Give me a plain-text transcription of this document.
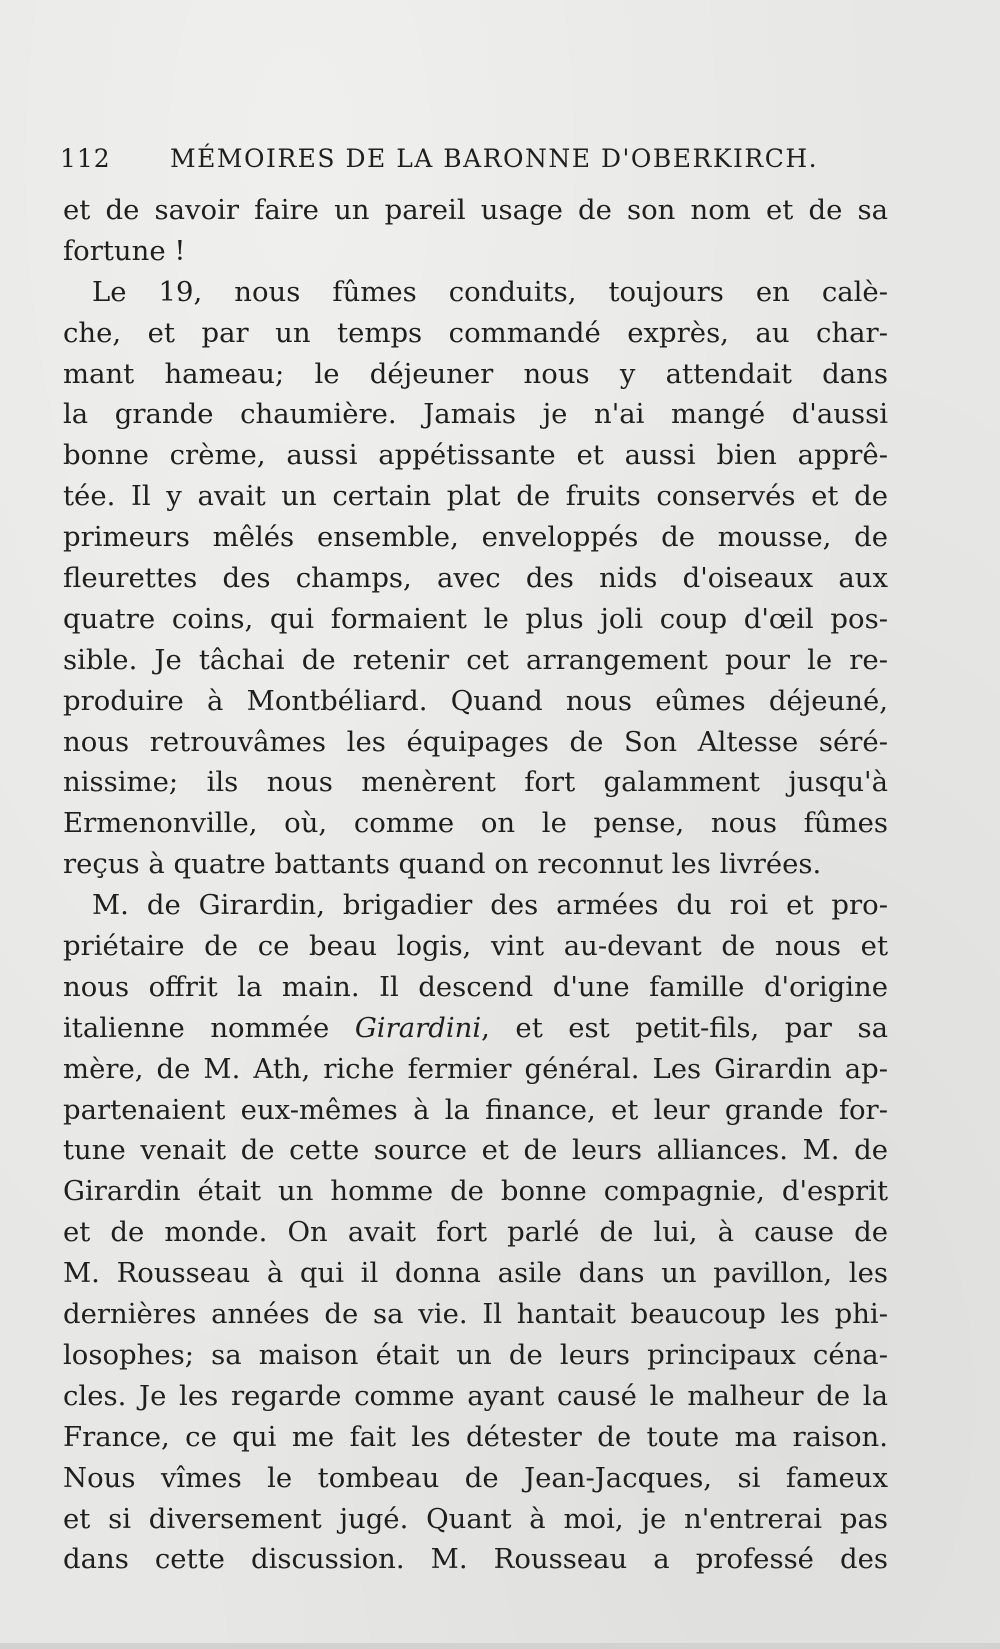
112 MÉMOIRES DE LA BARONNE D'OBERKIRCH.
et de savoir faire un pareil usage de son nom et de sa
fortune !
Le 19, nous fûmes conduits, toujours en calè-
che, et par un temps commandé exprès, au char-
mant hameau; le déjeuner nous y attendait dans
la grande chaumière. Jamais je n'ai mangé d'aussi
bonne crème, aussi appétissante et aussi bien apprê-
tée. Il y avait un certain plat de fruits conservés et de
primeurs mêlés ensemble, enveloppés de mousse, de
fleurettes des champs, avec des nids d'oiseaux aux
quatre coins, qui formaient le plus joli coup d'œil pos-
sible. Je tâchai de retenir cet arrangement pour le re-
produire à Montbéliard. Quand nous eûmes déjeuné,
nous retrouvâmes les équipages de Son Altesse séré-
nissime; ils nous menèrent fort galamment jusqu'à
Ermenonville, où, comme on le pense, nous fûmes
reçus à quatre battants quand on reconnut les livrées.
M. de Girardin, brigadier des armées du roi et pro-
priétaire de ce beau logis, vint au-devant de nous et
nous offrit la main. Il descend d'une famille d'origine
italienne nommée Girardini, et est petit-fils, par sa
mère, de M. Ath, riche fermier général. Les Girardin ap-
partenaient eux-mêmes à la finance, et leur grande for-
tune venait de cette source et de leurs alliances. M. de
Girardin était un homme de bonne compagnie, d'esprit
et de monde. On avait fort parlé de lui, à cause de
M. Rousseau à qui il donna asile dans un pavillon, les
dernières années de sa vie. Il hantait beaucoup les phi-
losophes; sa maison était un de leurs principaux céna-
cles. Je les regarde comme ayant causé le malheur de la
France, ce qui me fait les détester de toute ma raison.
Nous vîmes le tombeau de Jean-Jacques, si fameux
et si diversement jugé. Quant à moi, je n'entrerai pas
dans cette discussion. M. Rousseau a professé des
